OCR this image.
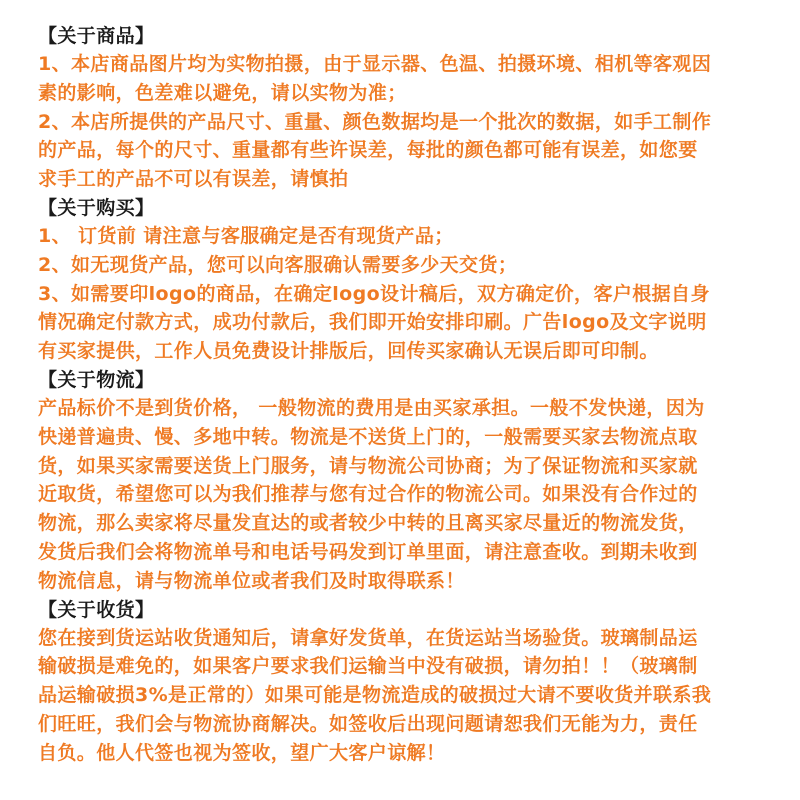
【关于商品】
1、本店商品图片均为实物拍摄，由于显示器、色温、拍摄环境、相机等客观因
素的影响，色差难以避免，请以实物为准；
2、本店所提供的产品尺寸、重量、颜色数据均是一个批次的数据，如手工制作
的产品，每个的尺寸、重量都有些许误差，每批的颜色都可能有误差，如您要
求手工的产品不可以有误差，请慎拍
【关于购买】
1、 订货前 请注意与客服确定是否有现货产品；
2、如无现货产品，您可以向客服确认需要多少天交货；
3、如需要印logo的商品，在确定logo设计稿后，双方确定价，客户根据自身
情况确定付款方式，成功付款后，我们即开始安排印刷。广告logo及文字说明
有买家提供，工作人员免费设计排版后，回传买家确认无误后即可印制。
【关于物流】
产品标价不是到货价格， 一般物流的费用是由买家承担。一般不发快递，因为
快递普遍贵、慢、多地中转。物流是不送货上门的，一般需要买家去物流点取
货，如果买家需要送货上门服务，请与物流公司协商；为了保证物流和买家就
近取货，希望您可以为我们推荐与您有过合作的物流公司。如果没有合作过的
物流，那么卖家将尽量发直达的或者较少中转的且离买家尽量近的物流发货，
发货后我们会将物流单号和电话号码发到订单里面，请注意查收。到期未收到
物流信息，请与物流单位或者我们及时取得联系！
【关于收货】
您在接到货运站收货通知后，请拿好发货单，在货运站当场验货。玻璃制品运
输破损是难免的，如果客户要求我们运输当中没有破损，请勿拍！！（玻璃制
品运输破损3%是正常的）如果可能是物流造成的破损过大请不要收货并联系我
们旺旺，我们会与物流协商解决。如签收后出现问题请恕我们无能为力，责任
自负。他人代签也视为签收，望广大客户谅解！
